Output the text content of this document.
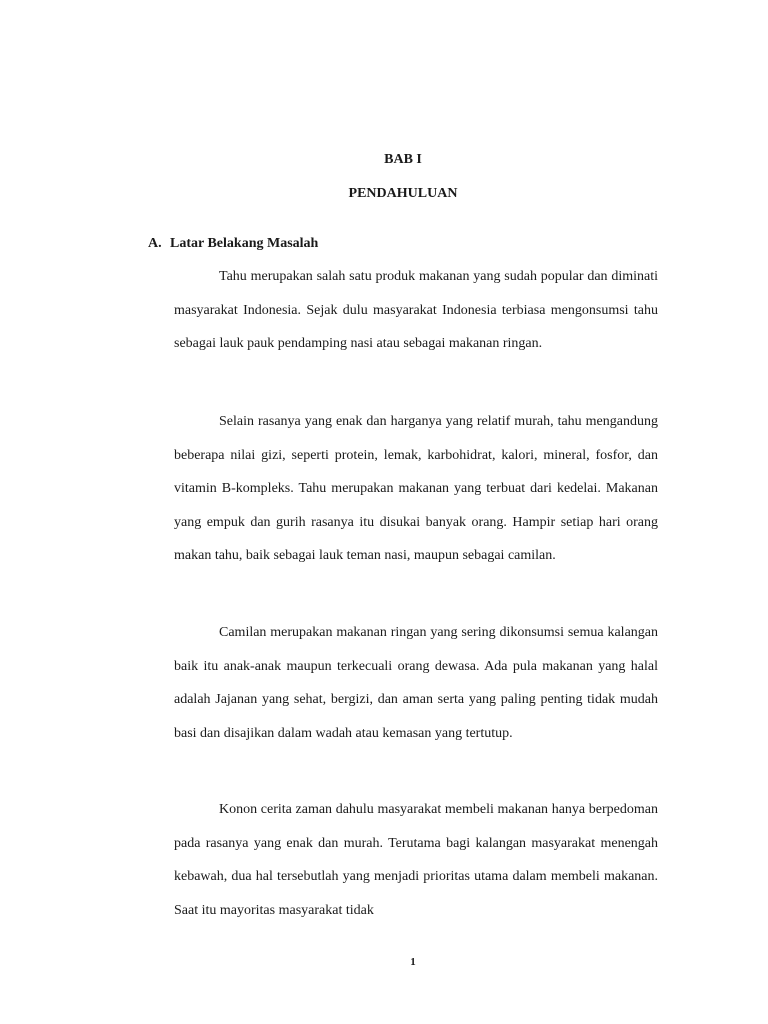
BAB I

PENDAHULUAN

A. Latar Belakang Masalah

Tahu merupakan salah satu produk makanan yang sudah popular dan diminati masyarakat Indonesia. Sejak dulu masyarakat Indonesia terbiasa mengonsumsi tahu sebagai lauk pauk pendamping nasi atau sebagai makanan ringan.

Selain rasanya yang enak dan harganya yang relatif murah, tahu mengandung beberapa nilai gizi, seperti protein, lemak, karbohidrat, kalori, mineral, fosfor, dan vitamin B-kompleks. Tahu merupakan makanan yang terbuat dari kedelai. Makanan yang empuk dan gurih rasanya itu disukai banyak orang. Hampir setiap hari orang makan tahu, baik sebagai lauk teman nasi, maupun sebagai camilan.

Camilan merupakan makanan ringan yang sering dikonsumsi semua kalangan baik itu anak-anak maupun terkecuali orang dewasa. Ada pula makanan yang halal adalah Jajanan yang sehat, bergizi, dan aman serta yang paling penting tidak mudah basi dan disajikan dalam wadah atau kemasan yang tertutup.

Konon cerita zaman dahulu masyarakat membeli makanan hanya berpedoman pada rasanya yang enak dan murah. Terutama bagi kalangan masyarakat menengah kebawah, dua hal tersebutlah yang menjadi prioritas utama dalam membeli makanan. Saat itu mayoritas masyarakat tidak

1
